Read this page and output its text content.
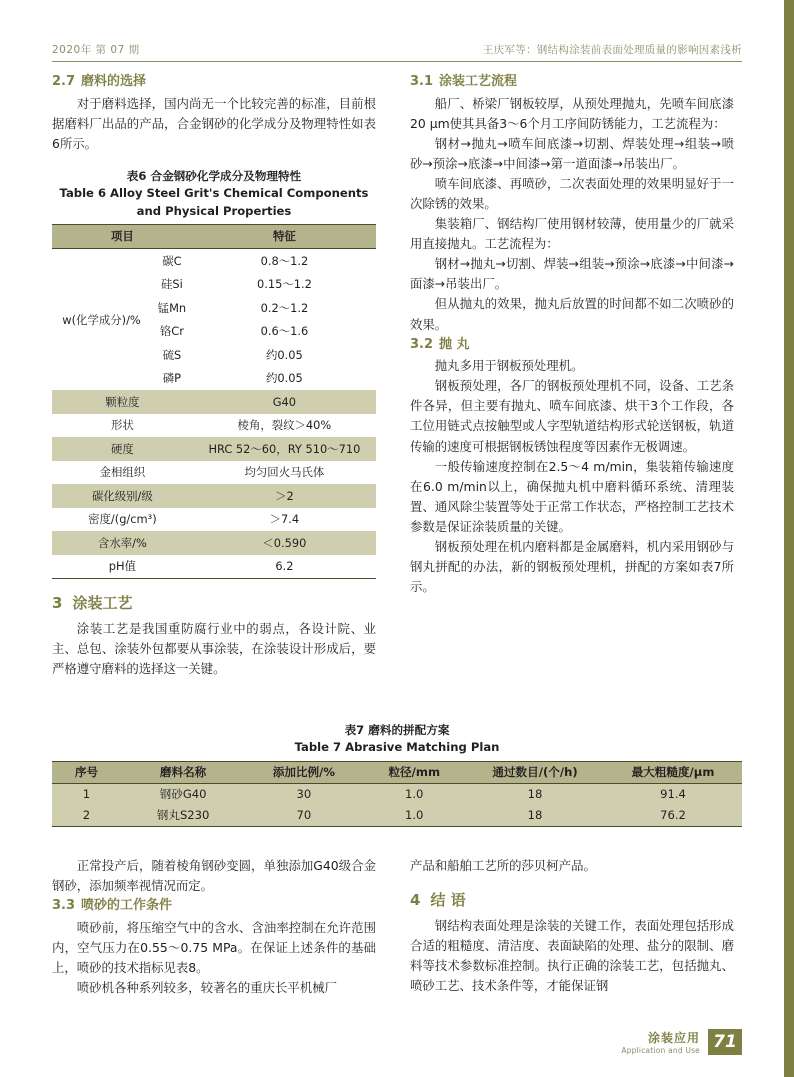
2020年 第 07 期	王庆军等：钢结构涂装前表面处理质量的影响因素浅析
2.7 磨料的选择

对于磨料选择，国内尚无一个比较完善的标准，目前根据磨料厂出品的产品，合金钢砂的化学成分及物理特性如表6所示。

表6 合金钢砂化学成分及物理特性
Table 6 Alloy Steel Grit's Chemical Components and Physical Properties
项目		特征
w(化学成分)/%	碳C	0.8～1.2
	硅Si	0.15～1.2
	锰Mn	0.2～1.2
	铬Cr	0.6～1.6
	硫S	约0.05
	磷P	约0.05
颗粒度		G40
形状		棱角，裂纹＞40%
硬度		HRC 52～60，RY 510～710
金相组织		均匀回火马氏体
碳化级别/级		＞2
密度/(g/cm³)		＞7.4
含水率/%		＜0.590
pH值		6.2
3 涂装工艺

涂装工艺是我国重防腐行业中的弱点，各设计院、业主、总包、涂装外包都要从事涂装，在涂装设计形成后，要严格遵守磨料的选择这一关键。

3.1 涂装工艺流程

船厂、桥梁厂钢板较厚，从预处理抛丸，先喷车间底漆20 μm使其具备3～6个月工序间防锈能力，工艺流程为：

钢材→抛丸→喷车间底漆→切割、焊装处理→组装→喷砂→预涂→底漆→中间漆→第一道面漆→吊装出厂。

喷车间底漆、再喷砂，二次表面处理的效果明显好于一次除锈的效果。

集装箱厂、钢结构厂使用钢材较薄，使用量少的厂就采用直接抛丸。工艺流程为：

钢材→抛丸→切割、焊装→组装→预涂→底漆→中间漆→面漆→吊装出厂。

但从抛丸的效果，抛丸后放置的时间都不如二次喷砂的效果。

3.2 抛 丸

抛丸多用于钢板预处理机。

钢板预处理，各厂的钢板预处理机不同，设备、工艺条件各异，但主要有抛丸、喷车间底漆、烘干3个工作段，各工位用链式点按触型或人字型轨道结构形式轮送钢板，轨道传输的速度可根据钢板锈蚀程度等因素作无极调速。

一般传输速度控制在2.5～4 m/min，集装箱传输速度在6.0 m/min以上，确保抛丸机中磨料循环系统、清理装置、通风除尘装置等处于正常工作状态，严格控制工艺技术参数是保证涂装质量的关键。

钢板预处理在机内磨料都是金属磨料，机内采用钢砂与钢丸拼配的办法，新的钢板预处理机，拼配的方案如表7所示。

表7 磨料的拼配方案
Table 7 Abrasive Matching Plan
序号	磨料名称	添加比例/%	粒径/mm	通过数目/(个/h)	最大粗糙度/μm
1	钢砂G40	30	1.0	18	91.4
2	钢丸S230	70	1.0	18	76.2

正常投产后，随着棱角钢砂变圆，单独添加G40级合金钢砂，添加频率视情况而定。

3.3 喷砂的工作条件

喷砂前，将压缩空气中的含水、含油率控制在允许范围内，空气压力在0.55～0.75 MPa。在保证上述条件的基础上，喷砂的技术指标见表8。

喷砂机各种系列较多，较著名的重庆长平机械厂

产品和船舶工艺所的莎贝柯产品。

4 结 语

钢结构表面处理是涂装的关键工作，表面处理包括形成合适的粗糙度、清洁度、表面缺陷的处理、盐分的限制、磨料等技术参数标准控制。执行正确的涂装工艺，包括抛丸、喷砂工艺、技术条件等，才能保证钢

涂装应用
Application and Use 71
